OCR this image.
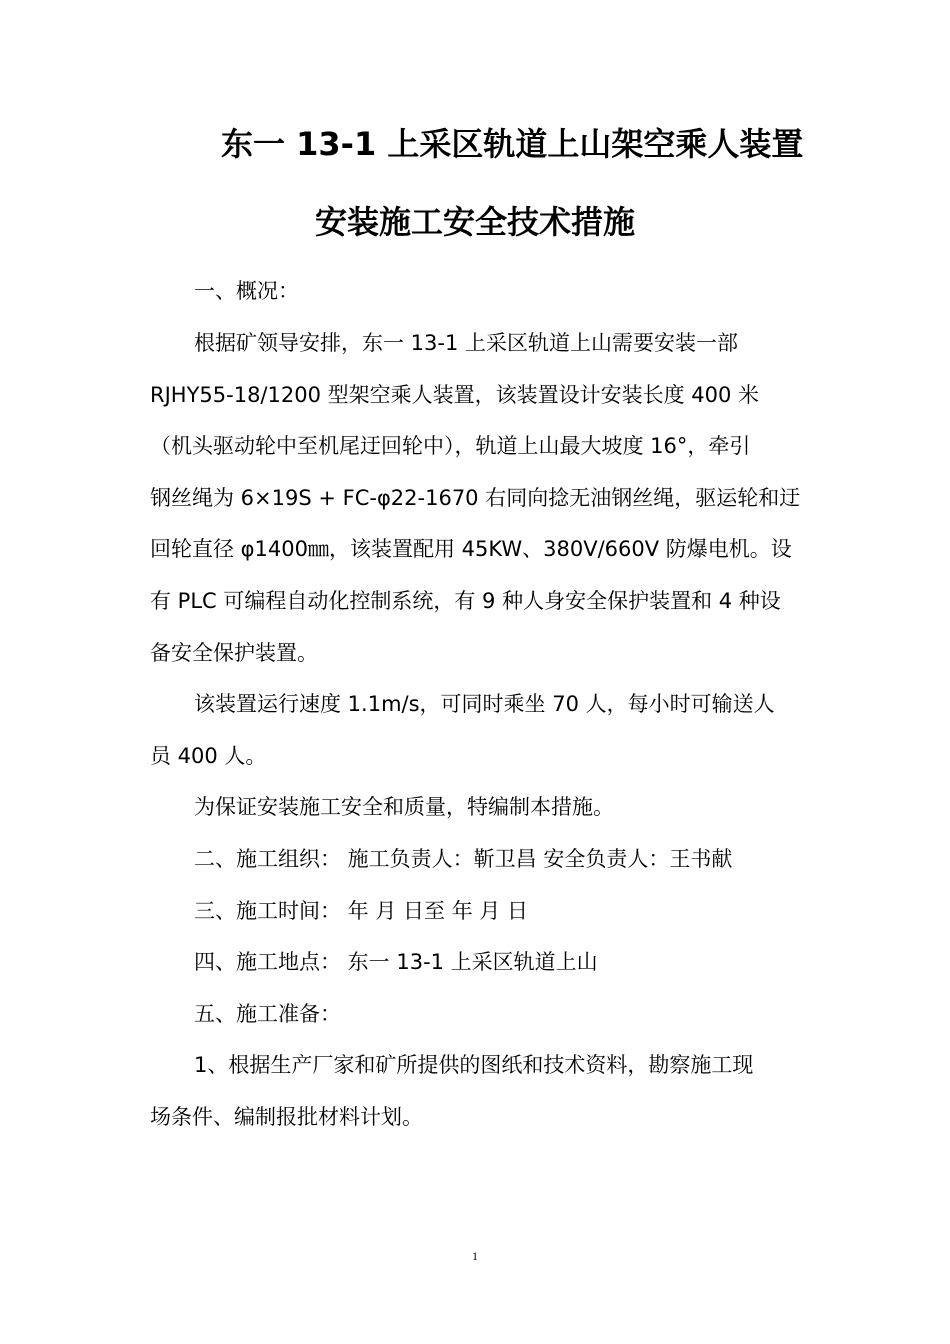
东一 13-1 上采区轨道上山架空乘人装置
安装施工安全技术措施
一、概况：
根据矿领导安排，东一 13-1 上采区轨道上山需要安装一部
RJHY55-18/1200 型架空乘人装置，该装置设计安装长度 400 米
（机头驱动轮中至机尾迂回轮中），轨道上山最大坡度 16°，牵引
钢丝绳为 6×19S + FC-φ22-1670 右同向捻无油钢丝绳，驱运轮和迂
回轮直径 φ1400㎜，该装置配用 45KW、380V/660V 防爆电机。设
有 PLC 可编程自动化控制系统，有 9 种人身安全保护装置和 4 种设
备安全保护装置。
该装置运行速度 1.1m/s，可同时乘坐 70 人，每小时可输送人
员 400 人。
为保证安装施工安全和质量，特编制本措施。
二、施工组织： 施工负责人：靳卫昌 安全负责人：王书献
三、施工时间： 年 月 日至 年 月 日
四、施工地点： 东一 13-1 上采区轨道上山
五、施工准备：
1、根据生产厂家和矿所提供的图纸和技术资料，勘察施工现
场条件、编制报批材料计划。
1
